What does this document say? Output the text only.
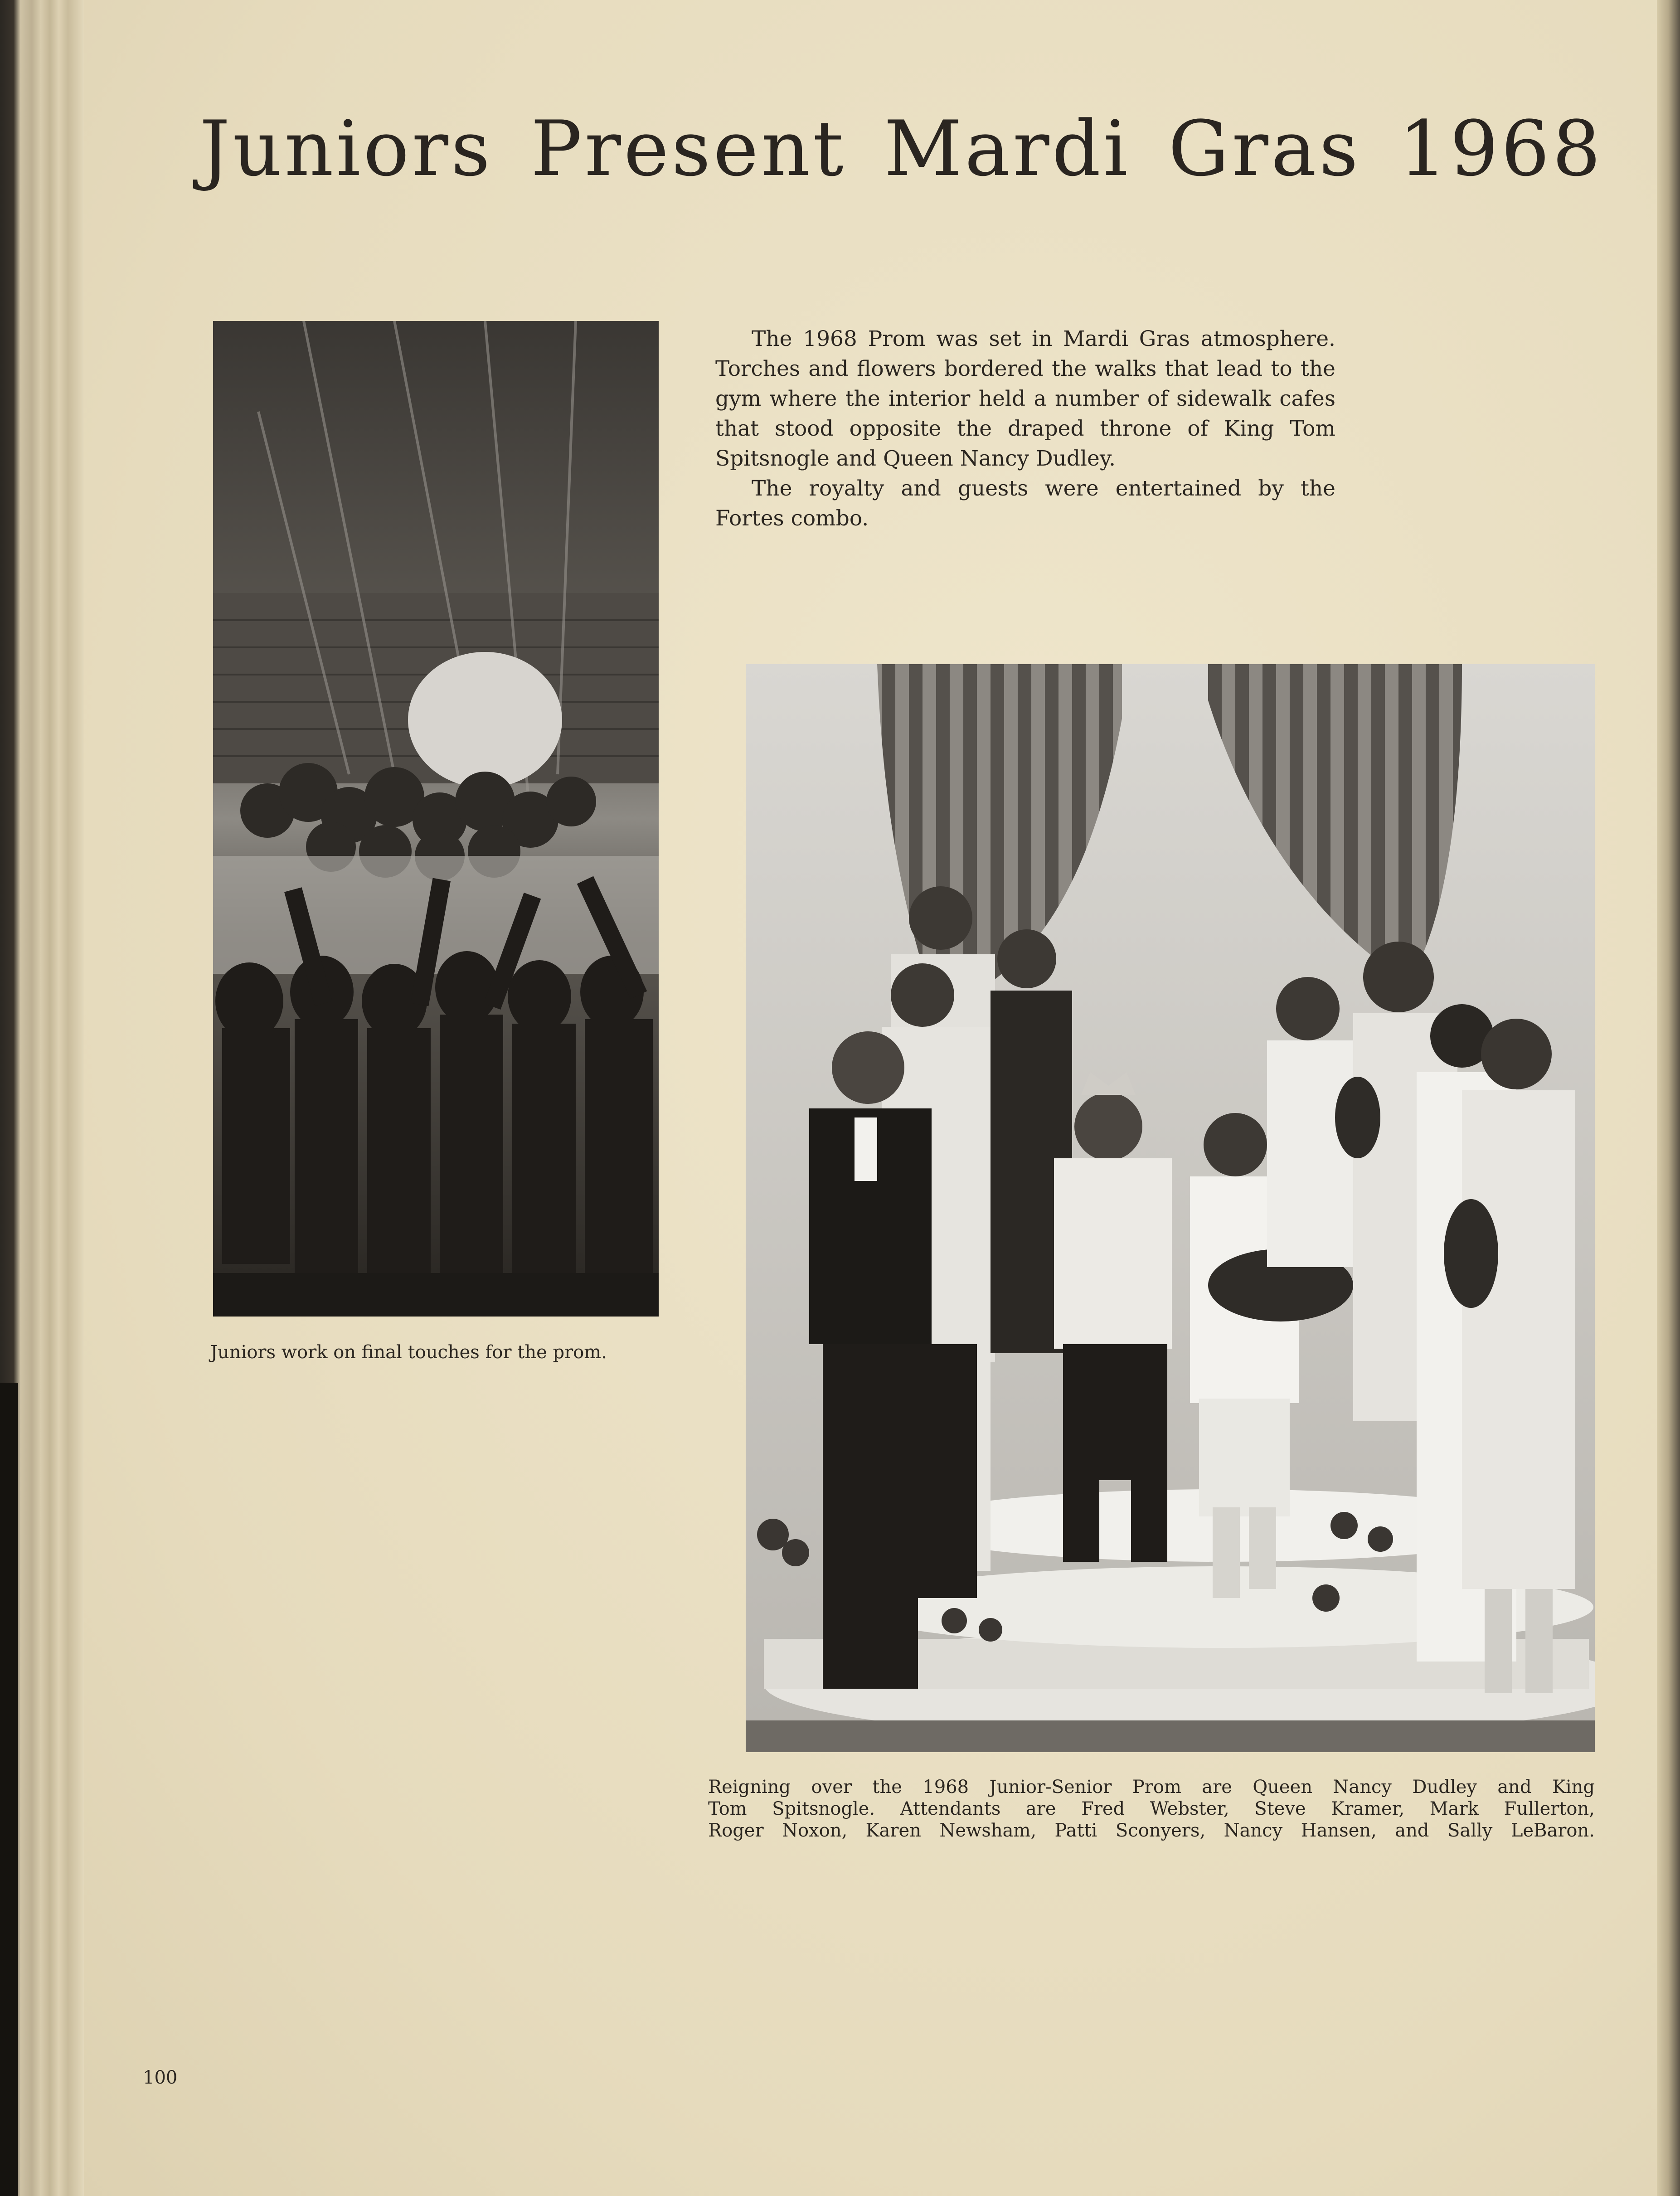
Juniors Present Mardi Gras 1968

The 1968 Prom was set in Mardi Gras atmosphere. Torches and flowers bordered the walks that lead to the gym where the interior held a number of sidewalk cafes that stood opposite the draped throne of King Tom Spitsnogle and Queen Nancy Dudley.

The royalty and guests were entertained by the Fortes combo.

Juniors work on final touches for the prom.
Reigning over the 1968 Junior-Senior Prom are Queen Nancy Dudley and King
Tom Spitsnogle. Attendants are Fred Webster, Steve Kramer, Mark Fullerton,
Roger Noxon, Karen Newsham, Patti Sconyers, Nancy Hansen, and Sally LeBaron.
100
